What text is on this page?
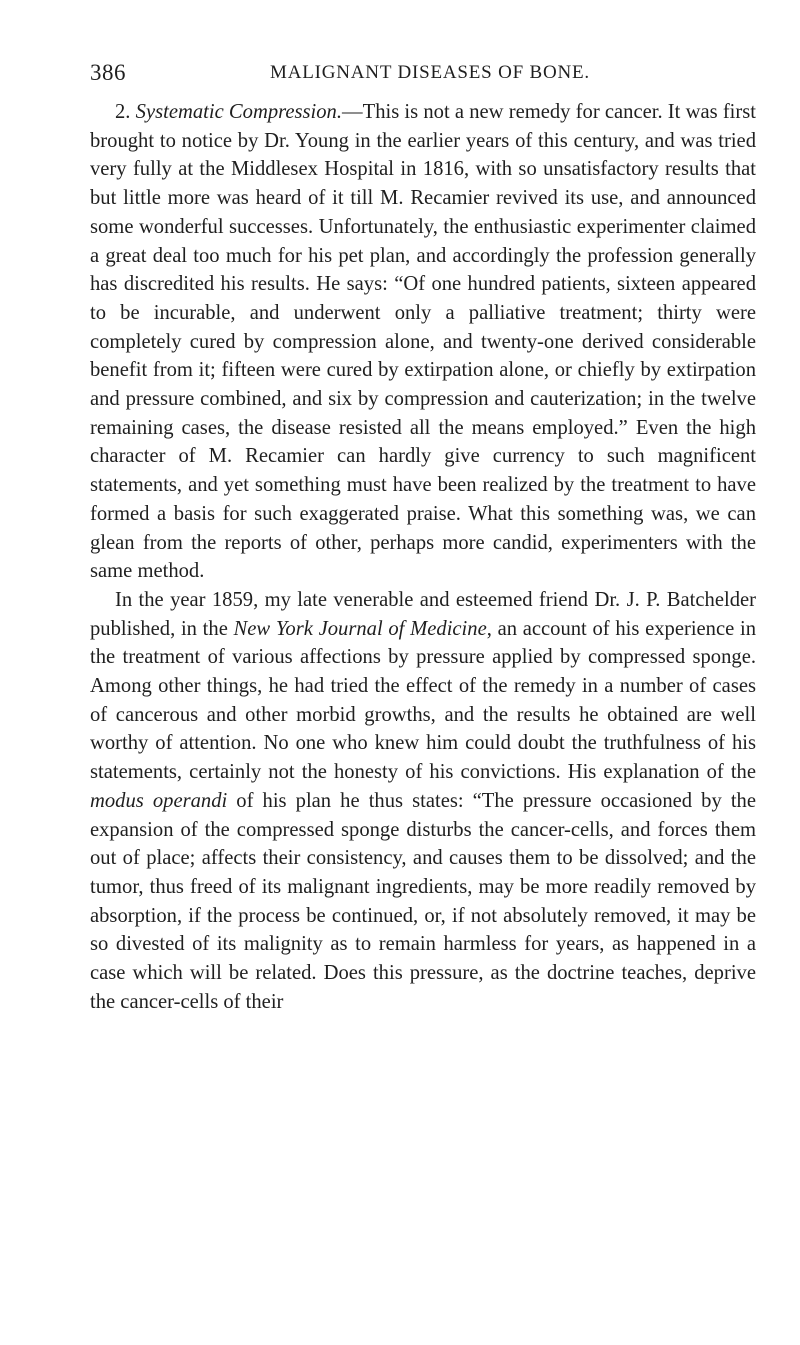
386	MALIGNANT DISEASES OF BONE.

2. Systematic Compression.—This is not a new remedy for cancer. It was first brought to notice by Dr. Young in the earlier years of this century, and was tried very fully at the Middlesex Hospital in 1816, with so unsatisfactory results that but little more was heard of it till M. Recamier revived its use, and announced some wonderful successes. Unfortunately, the enthusiastic experimenter claimed a great deal too much for his pet plan, and accordingly the profession generally has discredited his results. He says: “Of one hundred patients, sixteen appeared to be incurable, and underwent only a palliative treatment; thirty were completely cured by compression alone, and twenty-one derived considerable benefit from it; fifteen were cured by extirpation alone, or chiefly by extirpation and pressure combined, and six by compression and cauterization; in the twelve remaining cases, the disease resisted all the means employed.” Even the high character of M. Recamier can hardly give currency to such magnificent statements, and yet something must have been realized by the treatment to have formed a basis for such exaggerated praise. What this something was, we can glean from the reports of other, perhaps more candid, experimenters with the same method.

In the year 1859, my late venerable and esteemed friend Dr. J. P. Batchelder published, in the New York Journal of Medicine, an account of his experience in the treatment of various affections by pressure applied by compressed sponge. Among other things, he had tried the effect of the remedy in a number of cases of cancerous and other morbid growths, and the results he obtained are well worthy of attention. No one who knew him could doubt the truthfulness of his statements, certainly not the honesty of his convictions. His explanation of the modus operandi of his plan he thus states: “The pressure occasioned by the expansion of the compressed sponge disturbs the cancer-cells, and forces them out of place; affects their consistency, and causes them to be dissolved; and the tumor, thus freed of its malignant ingredients, may be more readily removed by absorption, if the process be continued, or, if not absolutely removed, it may be so divested of its malignity as to remain harmless for years, as happened in a case which will be related. Does this pressure, as the doctrine teaches, deprive the cancer-cells of their
